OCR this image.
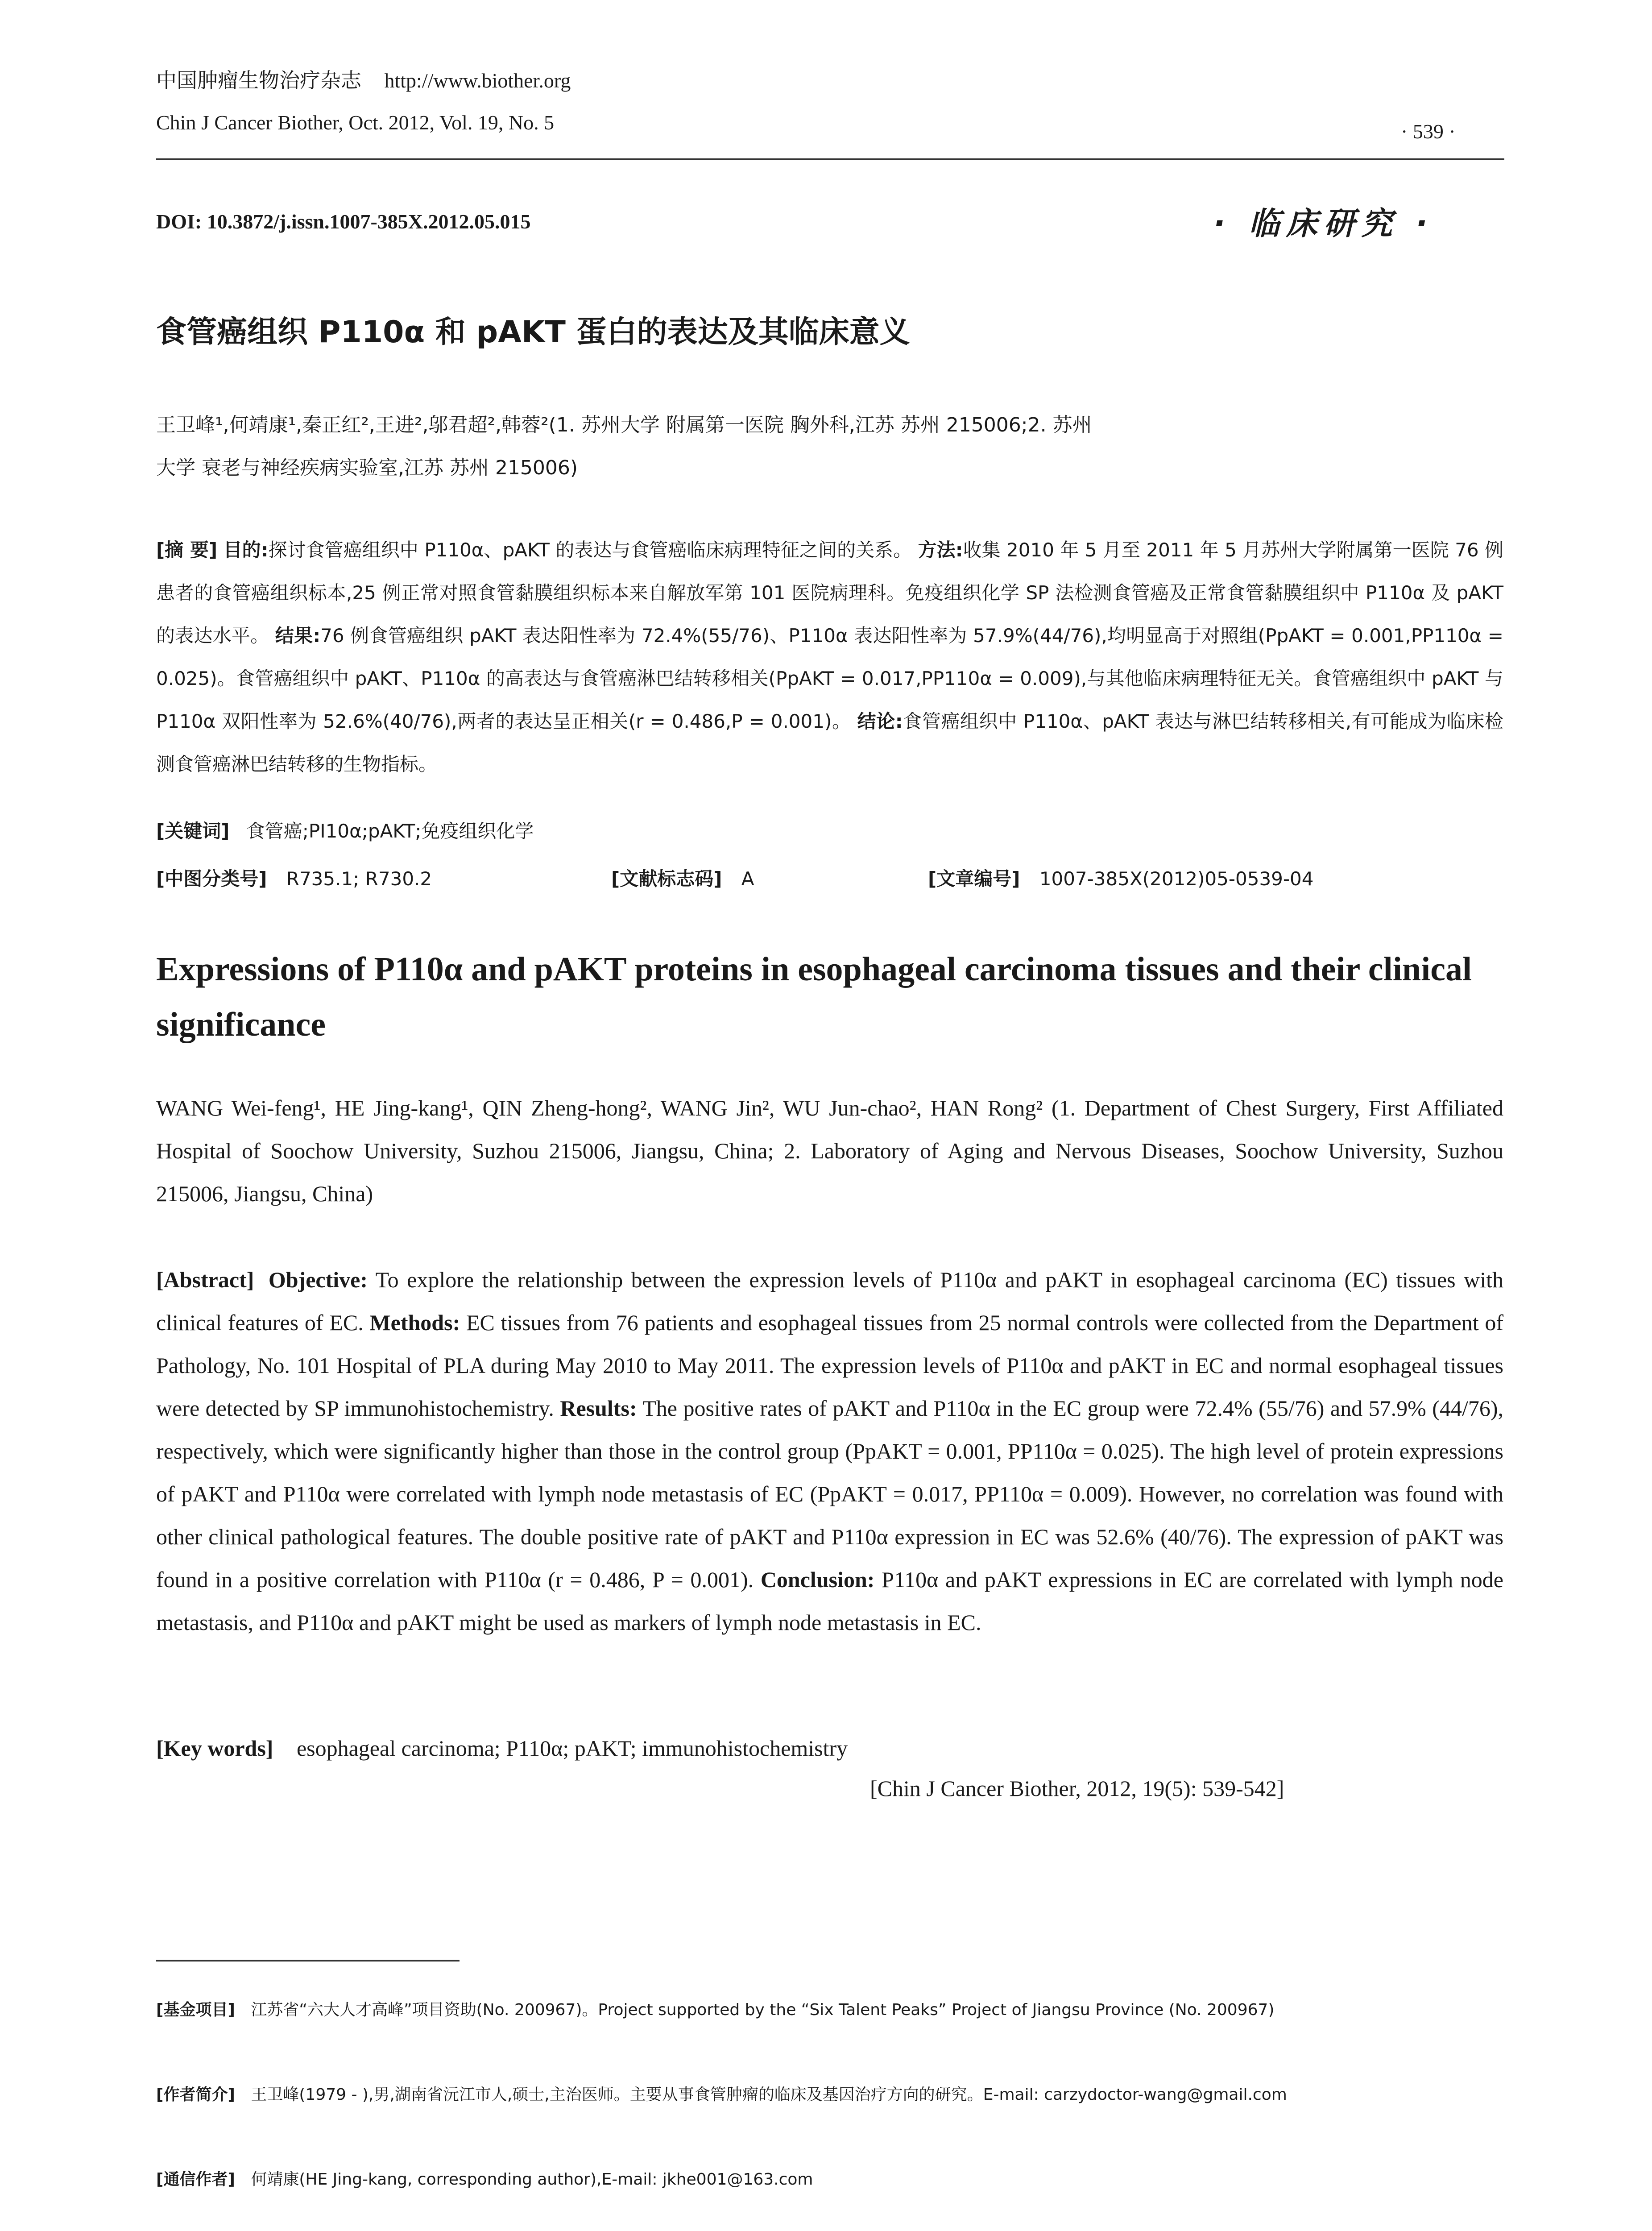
中国肿瘤生物治疗杂志 http://www.biother.org
Chin J Cancer Biother, Oct. 2012, Vol. 19, No. 5	· 539 ·
DOI: 10.3872/j.issn.1007-385X.2012.05.015	· 临床研究 ·
食管癌组织 P110α 和 pAKT 蛋白的表达及其临床意义
王卫峰¹,何靖康¹,秦正红²,王进²,邬君超²,韩蓉²(1. 苏州大学 附属第一医院 胸外科,江苏 苏州 215006;2. 苏州
大学 衰老与神经疾病实验室,江苏 苏州 215006)
[摘 要] 目的:探讨食管癌组织中 P110α、pAKT 的表达与食管癌临床病理特征之间的关系。 方法:收集 2010 年 5 月至 2011 年 5 月苏州大学附属第一医院 76 例患者的食管癌组织标本,25 例正常对照食管黏膜组织标本来自解放军第 101 医院病理科。免疫组织化学 SP 法检测食管癌及正常食管黏膜组织中 P110α 及 pAKT 的表达水平。 结果:76 例食管癌组织 pAKT 表达阳性率为 72.4%(55/76)、P110α 表达阳性率为 57.9%(44/76),均明显高于对照组(PpAKT = 0.001,PP110α = 0.025)。食管癌组织中 pAKT、P110α 的高表达与食管癌淋巴结转移相关(PpAKT = 0.017,PP110α = 0.009),与其他临床病理特征无关。食管癌组织中 pAKT 与 P110α 双阳性率为 52.6%(40/76),两者的表达呈正相关(r = 0.486,P = 0.001)。 结论:食管癌组织中 P110α、pAKT 表达与淋巴结转移相关,有可能成为临床检测食管癌淋巴结转移的生物指标。
[关键词] 食管癌;PI10α;pAKT;免疫组织化学
[中图分类号] R735.1; R730.2	[文献标志码] A	[文章编号] 1007-385X(2012)05-0539-04
Expressions of P110α and pAKT proteins in esophageal carcinoma tissues and their clinical significance
WANG Wei-feng¹, HE Jing-kang¹, QIN Zheng-hong², WANG Jin², WU Jun-chao², HAN Rong² (1. Department of Chest Surgery, First Affiliated Hospital of Soochow University, Suzhou 215006, Jiangsu, China; 2. Laboratory of Aging and Nervous Diseases, Soochow University, Suzhou 215006, Jiangsu, China)
[Abstract] Objective: To explore the relationship between the expression levels of P110α and pAKT in esophageal carcinoma (EC) tissues with clinical features of EC. Methods: EC tissues from 76 patients and esophageal tissues from 25 normal controls were collected from the Department of Pathology, No. 101 Hospital of PLA during May 2010 to May 2011. The expression levels of P110α and pAKT in EC and normal esophageal tissues were detected by SP immunohistochemistry. Results: The positive rates of pAKT and P110α in the EC group were 72.4% (55/76) and 57.9% (44/76), respectively, which were significantly higher than those in the control group (PpAKT = 0.001, PP110α = 0.025). The high level of protein expressions of pAKT and P110α were correlated with lymph node metastasis of EC (PpAKT = 0.017, PP110α = 0.009). However, no correlation was found with other clinical pathological features. The double positive rate of pAKT and P110α expression in EC was 52.6% (40/76). The expression of pAKT was found in a positive correlation with P110α (r = 0.486, P = 0.001). Conclusion: P110α and pAKT expressions in EC are correlated with lymph node metastasis, and P110α and pAKT might be used as markers of lymph node metastasis in EC.
[Key words] esophageal carcinoma; P110α; pAKT; immunohistochemistry
[Chin J Cancer Biother, 2012, 19(5): 539-542]
[基金项目] 江苏省“六大人才高峰”项目资助(No. 200967)。Project supported by the “Six Talent Peaks” Project of Jiangsu Province (No. 200967)
[作者简介] 王卫峰(1979 - ),男,湖南省沅江市人,硕士,主治医师。主要从事食管肿瘤的临床及基因治疗方向的研究。E-mail: carzydoctor-wang@gmail.com
[通信作者] 何靖康(HE Jing-kang, corresponding author),E-mail: jkhe001@163.com
